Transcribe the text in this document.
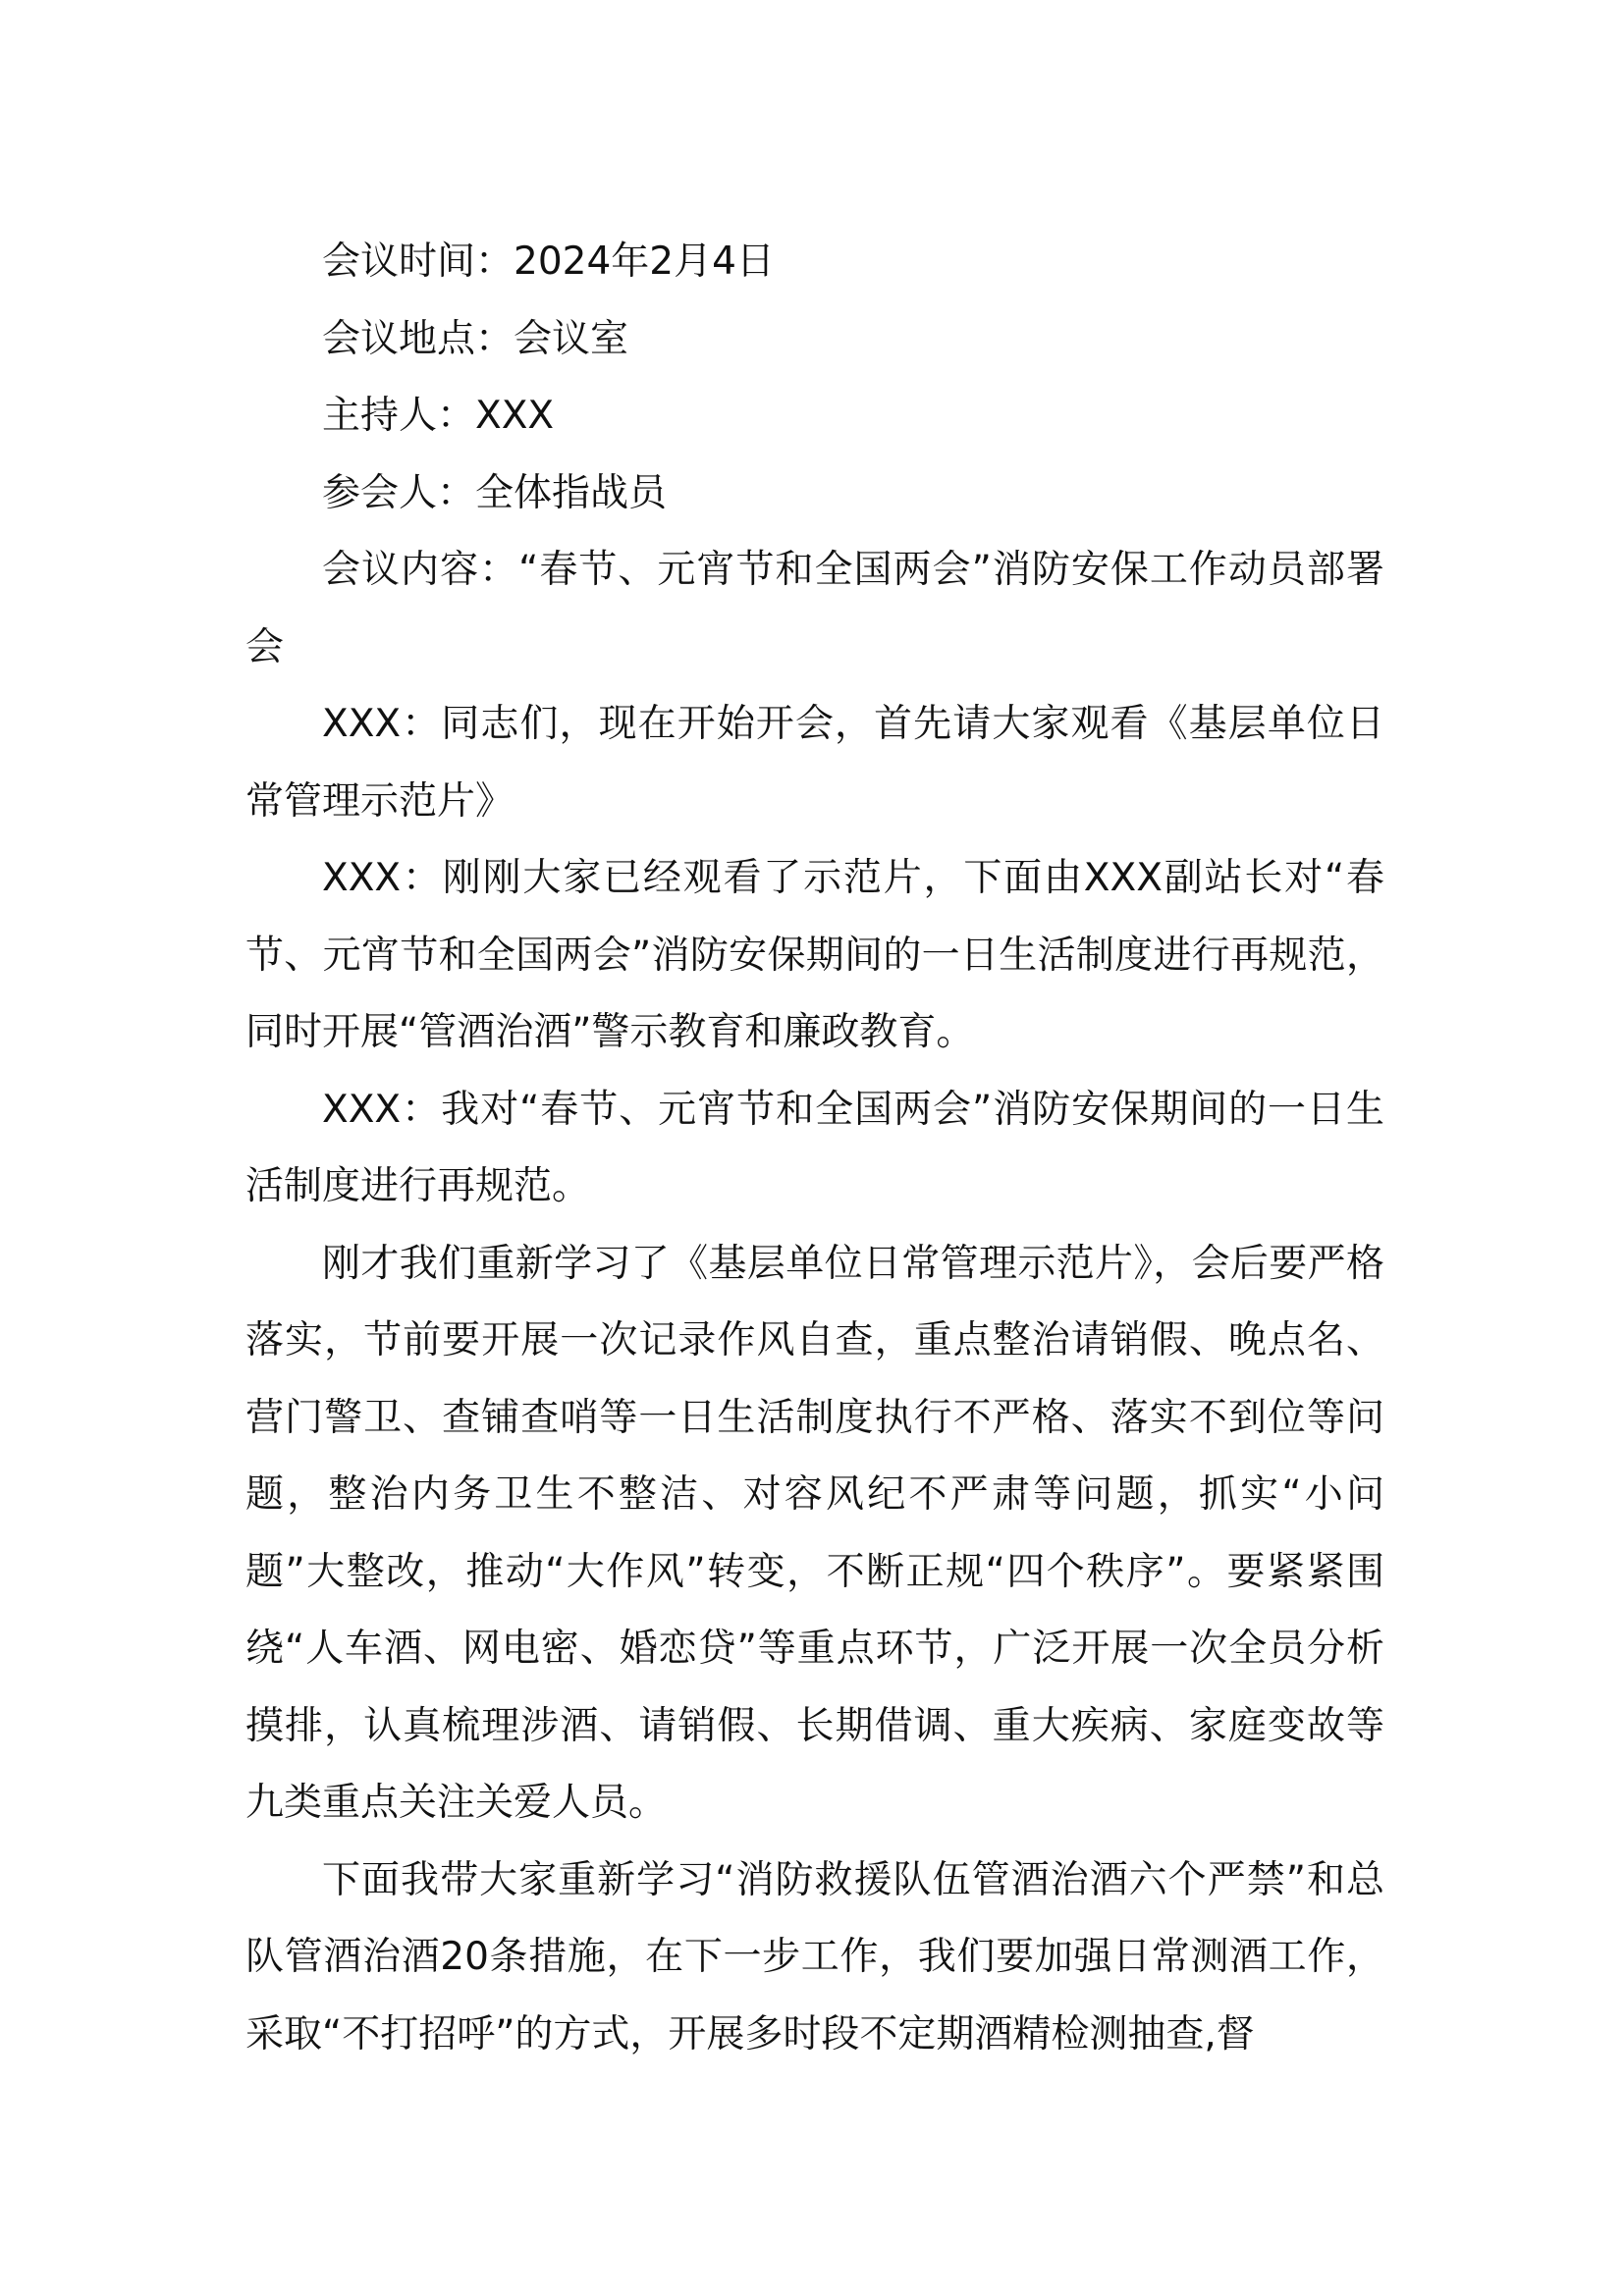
会议时间：2024年2月4日

会议地点：会议室

主持人：XXX

参会人：全体指战员

会议内容：“春节、元宵节和全国两会”消防安保工作动员部署会

XXX：同志们，现在开始开会，首先请大家观看《基层单位日常管理示范片》

XXX：刚刚大家已经观看了示范片，下面由XXX副站长对“春节、元宵节和全国两会”消防安保期间的一日生活制度进行再规范，同时开展“管酒治酒”警示教育和廉政教育。

XXX：我对“春节、元宵节和全国两会”消防安保期间的一日生活制度进行再规范。

刚才我们重新学习了《基层单位日常管理示范片》，会后要严格落实，节前要开展一次记录作风自查，重点整治请销假、晚点名、营门警卫、查铺查哨等一日生活制度执行不严格、落实不到位等问题，整治内务卫生不整洁、对容风纪不严肃等问题，抓实“小问题”大整改，推动“大作风”转变，不断正规“四个秩序”。要紧紧围绕“人车酒、网电密、婚恋贷”等重点环节，广泛开展一次全员分析摸排，认真梳理涉酒、请销假、长期借调、重大疾病、家庭变故等九类重点关注关爱人员。

下面我带大家重新学习“消防救援队伍管酒治酒六个严禁”和总队管酒治酒20条措施，在下一步工作，我们要加强日常测酒工作，采取“不打招呼”的方式，开展多时段不定期酒精检测抽查,督
